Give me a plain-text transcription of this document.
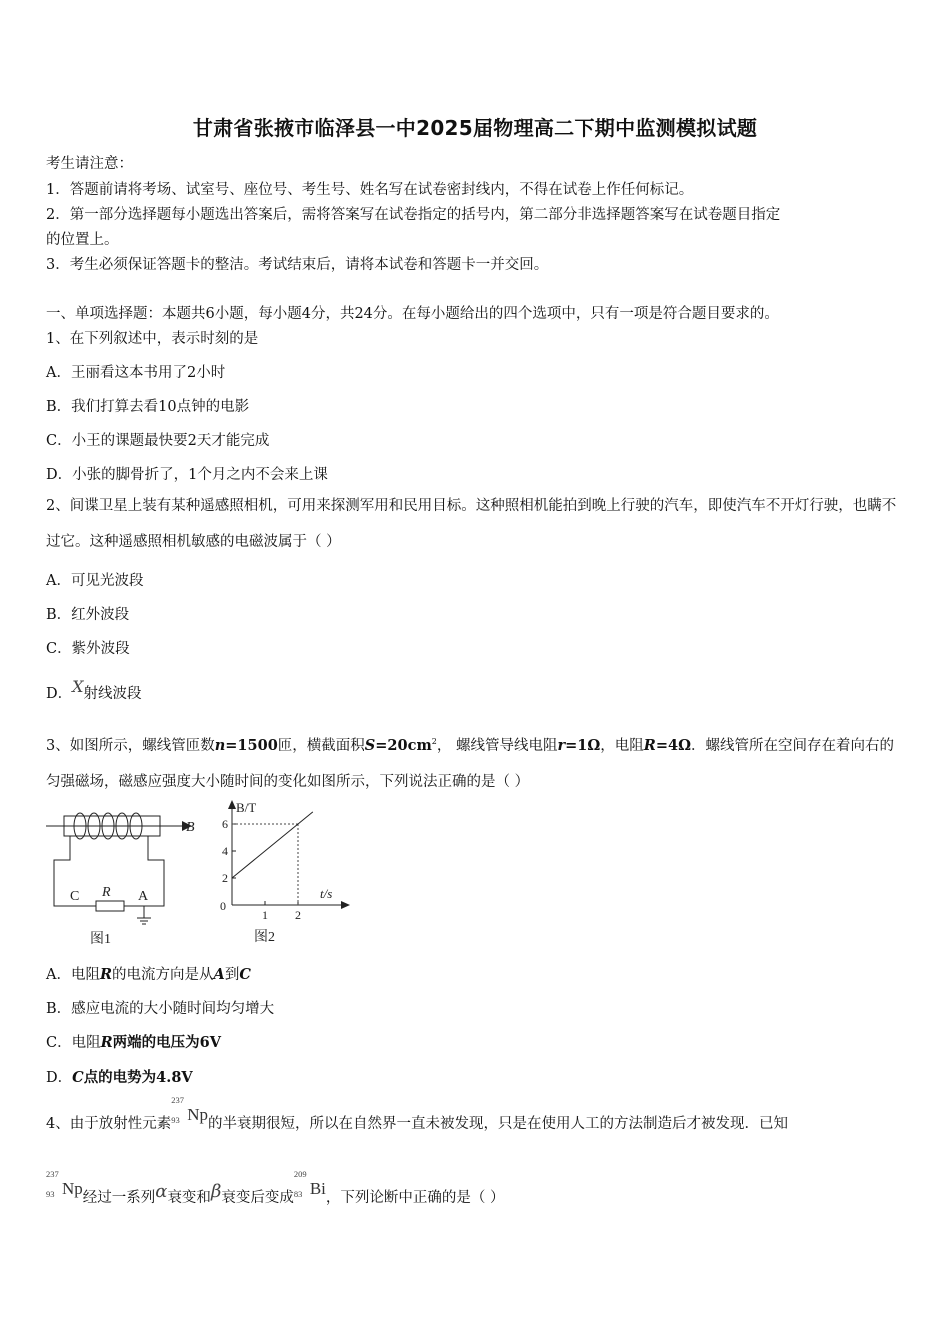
甘肃省张掖市临泽县一中2025届物理高二下期中监测模拟试题
考生请注意：
1．答题前请将考场、试室号、座位号、考生号、姓名写在试卷密封线内，不得在试卷上作任何标记。
2．第一部分选择题每小题选出答案后，需将答案写在试卷指定的括号内，第二部分非选择题答案写在试卷题目指定
的位置上。
3．考生必须保证答题卡的整洁。考试结束后，请将本试卷和答题卡一并交回。
一、单项选择题：本题共6小题，每小题4分，共24分。在每小题给出的四个选项中，只有一项是符合题目要求的。
1、在下列叙述中，表示时刻的是
A．王丽看这本书用了2小时
B．我们打算去看10点钟的电影
C．小王的课题最快要2天才能完成
D．小张的脚骨折了，1个月之内不会来上课
2、间谍卫星上装有某种遥感照相机，可用来探测军用和民用目标。这种照相机能拍到晚上行驶的汽车，即使汽车不开灯行驶，也瞒不过它。这种遥感照相机敏感的电磁波属于（ ）
A．可见光波段
B．红外波段
C．紫外波段
D．X射线波段
3、如图所示，螺线管匝数n=1500匝，横截面积$S=20cm^2$， 螺线管导线电阻r=1Ω，电阻R=4Ω．螺线管所在空间存在着向右的匀强磁场，磁感应强度大小随时间的变化如图所示，下列说法正确的是（ ）
B
C R A
图1
B/T
t/s
0
图2
2
4
6
1 2
A．电阻R的电流方向是从A到C
B．感应电流的大小随时间均匀增大
C．电阻R两端的电压为6V
D．C点的电势为4.8V
4、由于放射性元素
237
93 Np的半衰期很短，所以在自然界一直未被发现，只是在使用人工的方法制造后才被发现．已知
237
93 Np经过一系列α衰变和β衰变后变成
209
83 Bi，下列论断中正确的是（ ）
